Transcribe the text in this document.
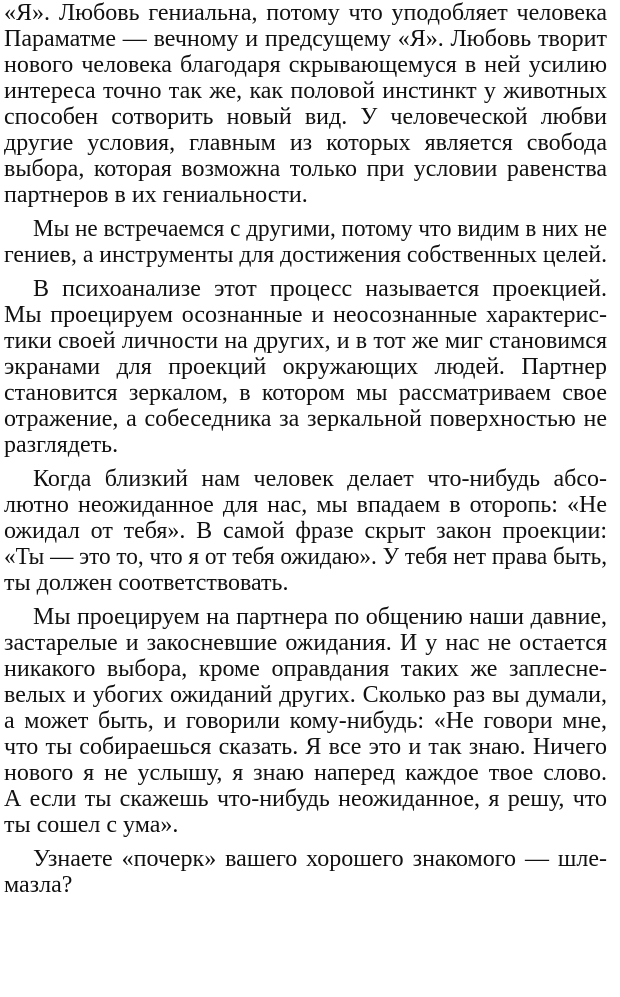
«Я». Любовь гениальна, потому что уподобляет человека
Параматме — вечному и предсущему «Я». Любовь творит
нового человека благодаря скрывающемуся в ней усилию
интереса точно так же, как половой инстинкт у животных
способен сотворить новый вид. У человеческой любви
другие условия, главным из которых является свобода
выбора, которая возможна только при условии равенства
партнеров в их гениальности.
Мы не встречаемся с другими, потому что видим в них не
гениев, а инструменты для достижения собственных целей.
В психоанализе этот процесс называется проекцией.
Мы проецируем осознанные и неосознанные характерис-
тики своей личности на других, и в тот же миг становимся
экранами для проекций окружающих людей. Партнер
становится зеркалом, в котором мы рассматриваем свое
отражение, а собеседника за зеркальной поверхностью не
разглядеть.
Когда близкий нам человек делает что-нибудь абсо-
лютно неожиданное для нас, мы впадаем в оторопь: «Не
ожидал от тебя». В самой фразе скрыт закон проекции:
«Ты — это то, что я от тебя ожидаю». У тебя нет права быть,
ты должен соответствовать.
Мы проецируем на партнера по общению наши давние,
застарелые и закосневшие ожидания. И у нас не остается
никакого выбора, кроме оправдания таких же заплесне-
велых и убогих ожиданий других. Сколько раз вы думали,
а может быть, и говорили кому-нибудь: «Не говори мне,
что ты собираешься сказать. Я все это и так знаю. Ничего
нового я не услышу, я знаю наперед каждое твое слово.
А если ты скажешь что-нибудь неожиданное, я решу, что
ты сошел с ума».
Узнаете «почерк» вашего хорошего знакомого — шле-
мазла?
